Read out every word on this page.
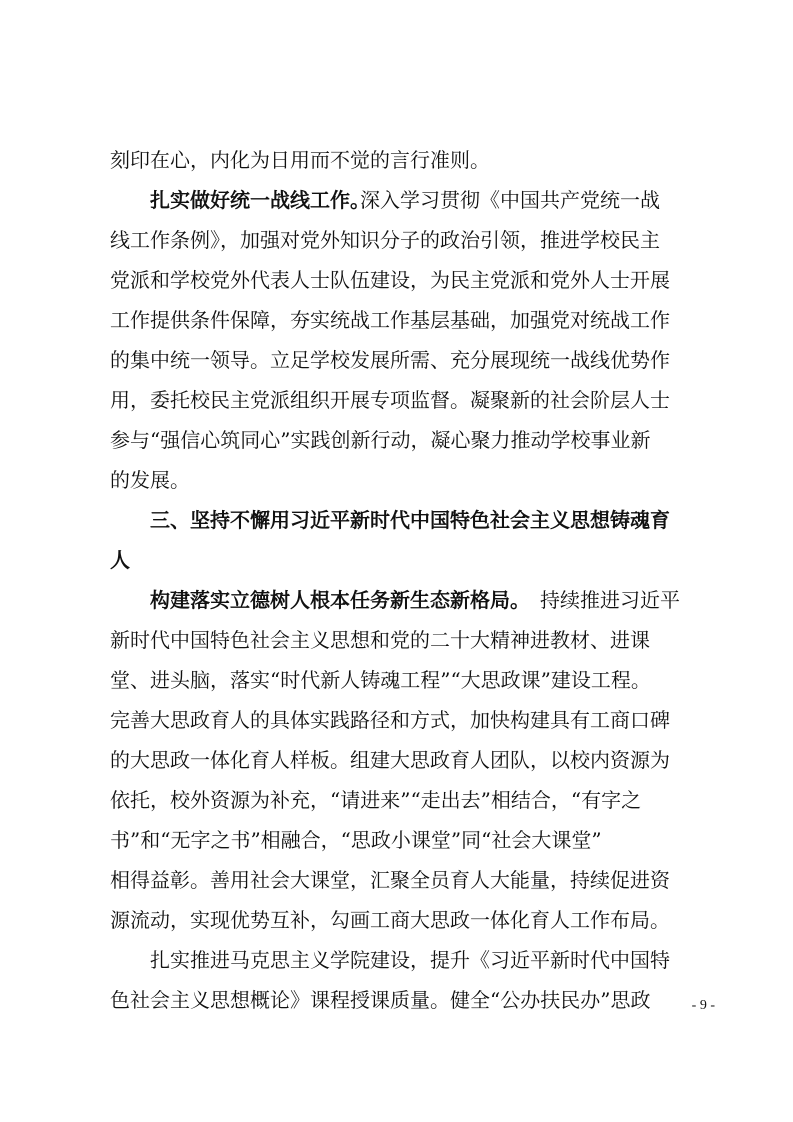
刻印在心，内化为日用而不觉的言行准则。
扎实做好统一战线工作。
深入学习贯彻《中国共产党统一战
线工作条例》，加强对党外知识分子的政治引领，推进学校民主
党派和学校党外代表人士队伍建设，为民主党派和党外人士开展
工作提供条件保障，夯实统战工作基层基础，加强党对统战工作
的集中统一领导。立足学校发展所需、充分展现统一战线优势作
用，委托校民主党派组织开展专项监督。凝聚新的社会阶层人士
参与“强信心筑同心”实践创新行动，凝心聚力推动学校事业新
的发展。
三、坚持不懈用习近平新时代中国特色社会主义思想铸魂育
人
构建落实立德树人根本任务新生态新格局。 持续推进习近平
新时代中国特色社会主义思想和党的二十大精神进教材、进课
堂、进头脑，落实“时代新人铸魂工程”“大思政课”建设工程。
完善大思政育人的具体实践路径和方式，加快构建具有工商口碑
的大思政一体化育人样板。组建大思政育人团队，以校内资源为
依托，校外资源为补充，“请进来”“走出去”相结合，“有字之
书”和“无字之书”相融合，“思政小课堂”同“社会大课堂”
相得益彰。善用社会大课堂，汇聚全员育人大能量，持续促进资
源流动，实现优势互补，勾画工商大思政一体化育人工作布局。
扎实推进马克思主义学院建设，提升《习近平新时代中国特
色社会主义思想概论》课程授课质量。健全“公办扶民办”思政	- 9 -
